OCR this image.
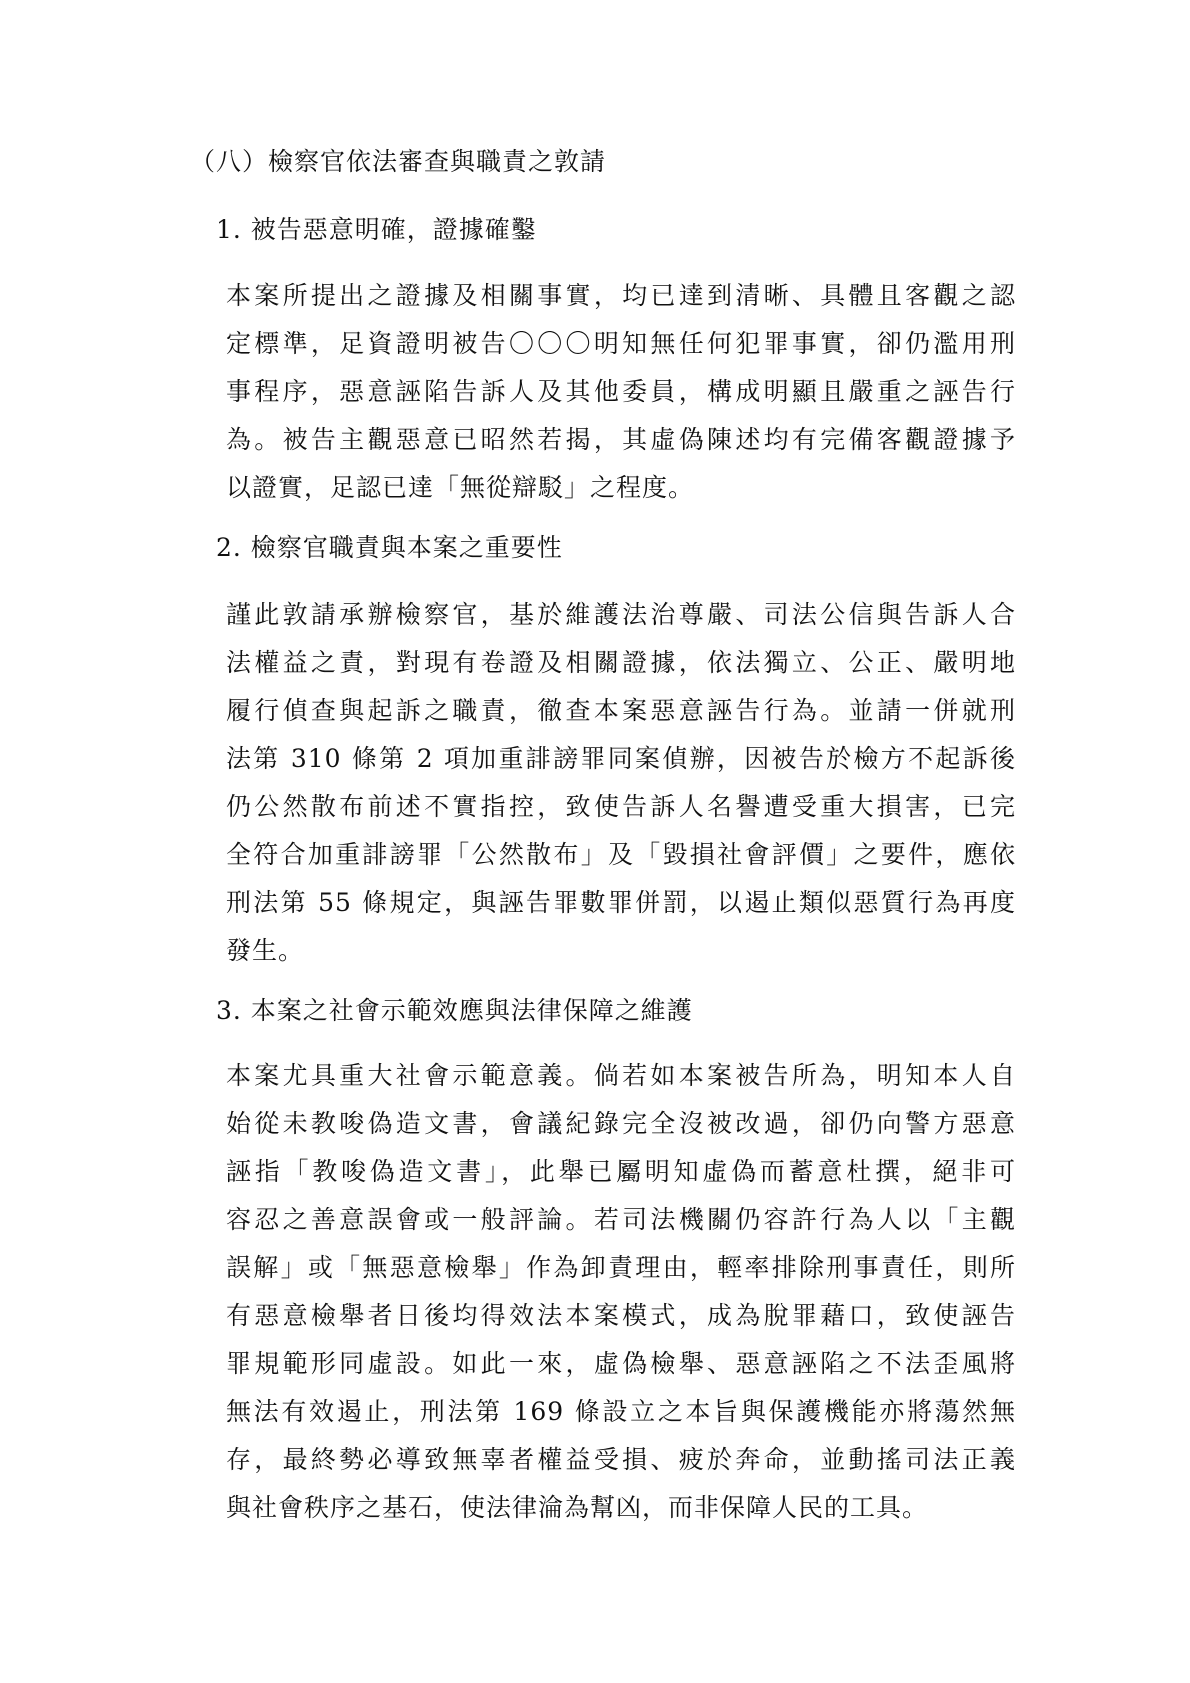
（八）檢察官依法審查與職責之敦請
1. 被告惡意明確，證據確鑿
本案所提出之證據及相關事實，均已達到清晰、具體且客觀之認
定標準，足資證明被告〇〇〇明知無任何犯罪事實，卻仍濫用刑
事程序，惡意誣陷告訴人及其他委員，構成明顯且嚴重之誣告行
為。被告主觀惡意已昭然若揭，其虛偽陳述均有完備客觀證據予
以證實，足認已達「無從辯駁」之程度。
2. 檢察官職責與本案之重要性
謹此敦請承辦檢察官，基於維護法治尊嚴、司法公信與告訴人合
法權益之責，對現有卷證及相關證據，依法獨立、公正、嚴明地
履行偵查與起訴之職責，徹查本案惡意誣告行為。並請一併就刑
法第 310 條第 2 項加重誹謗罪同案偵辦，因被告於檢方不起訴後
仍公然散布前述不實指控，致使告訴人名譽遭受重大損害，已完
全符合加重誹謗罪「公然散布」及「毀損社會評價」之要件，應依
刑法第 55 條規定，與誣告罪數罪併罰，以遏止類似惡質行為再度
發生。
3. 本案之社會示範效應與法律保障之維護
本案尤具重大社會示範意義。倘若如本案被告所為，明知本人自
始從未教唆偽造文書，會議紀錄完全沒被改過，卻仍向警方惡意
誣指「教唆偽造文書」，此舉已屬明知虛偽而蓄意杜撰，絕非可
容忍之善意誤會或一般評論。若司法機關仍容許行為人以「主觀
誤解」或「無惡意檢舉」作為卸責理由，輕率排除刑事責任，則所
有惡意檢舉者日後均得效法本案模式，成為脫罪藉口，致使誣告
罪規範形同虛設。如此一來，虛偽檢舉、惡意誣陷之不法歪風將
無法有效遏止，刑法第 169 條設立之本旨與保護機能亦將蕩然無
存，最終勢必導致無辜者權益受損、疲於奔命，並動搖司法正義
與社會秩序之基石，使法律淪為幫凶，而非保障人民的工具。
